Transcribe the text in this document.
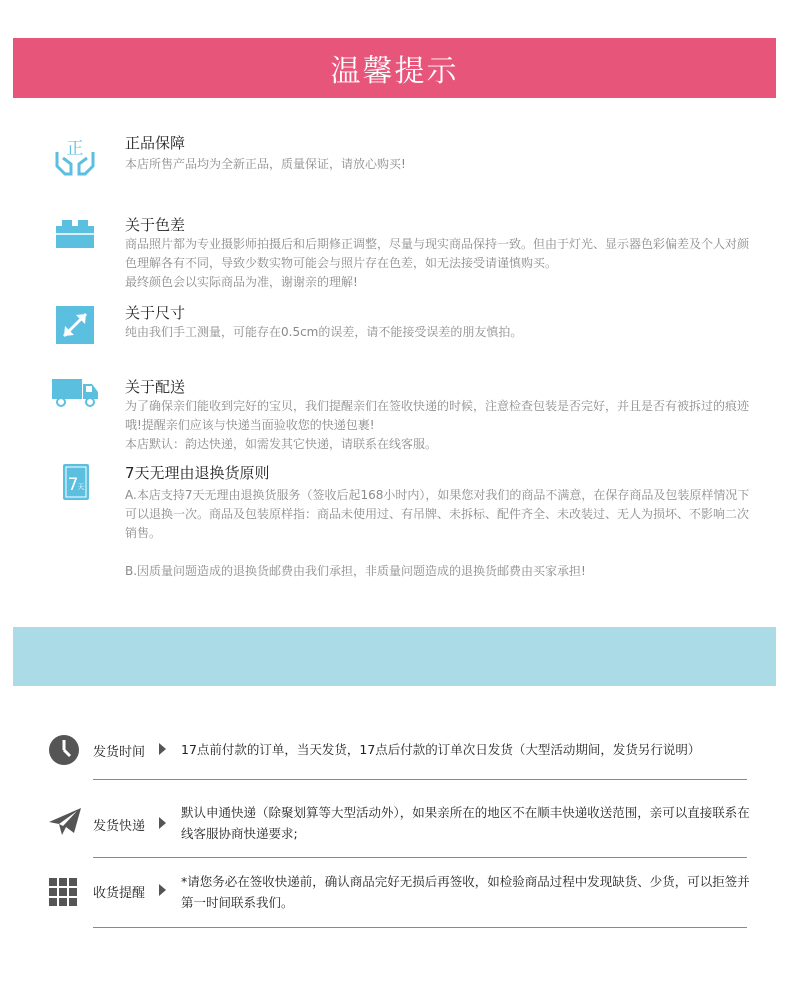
温馨提示
正	正品保障

本店所售产品均为全新正品，质量保证，请放心购买!

关于色差

商品照片都为专业摄影师拍摄后和后期修正调整，尽量与现实商品保持一致。但由于灯光、显示器色彩偏差及个人对颜色理解各有不同，导致少数实物可能会与照片存在色差，如无法接受请谨慎购买。

最终颜色会以实际商品为准，谢谢亲的理解!

关于尺寸

纯由我们手工测量，可能存在0.5cm的误差，请不能接受误差的朋友慎拍。

关于配送

为了确保亲们能收到完好的宝贝，我们提醒亲们在签收快递的时候，注意检查包装是否完好，并且是否有被拆过的痕迹哦!提醒亲们应该与快递当面验收您的快递包裹!

本店默认：韵达快递，如需发其它快递，请联系在线客服。

7 天
7天无理由退换货原则

A.本店支持7天无理由退换货服务（签收后起168小时内），如果您对我们的商品不满意，在保存商品及包装原样情况下可以退换一次。商品及包装原样指：商品未使用过、有吊牌、未拆标、配件齐全、未改装过、无人为损坏、不影响二次销售。

B.因质量问题造成的退换货邮费由我们承担，非质量问题造成的退换货邮费由买家承担!

发货时间	17点前付款的订单，当天发货，17点后付款的订单次日发货（大型活动期间，发货另行说明）
发货快递
默认申通快递（除聚划算等大型活动外），如果亲所在的地区不在顺丰快递收送范围，亲可以直接联系在线客服协商快递要求;
收货提醒
*请您务必在签收快递前，确认商品完好无损后再签收，如检验商品过程中发现缺货、少货，可以拒签并第一时间联系我们。
